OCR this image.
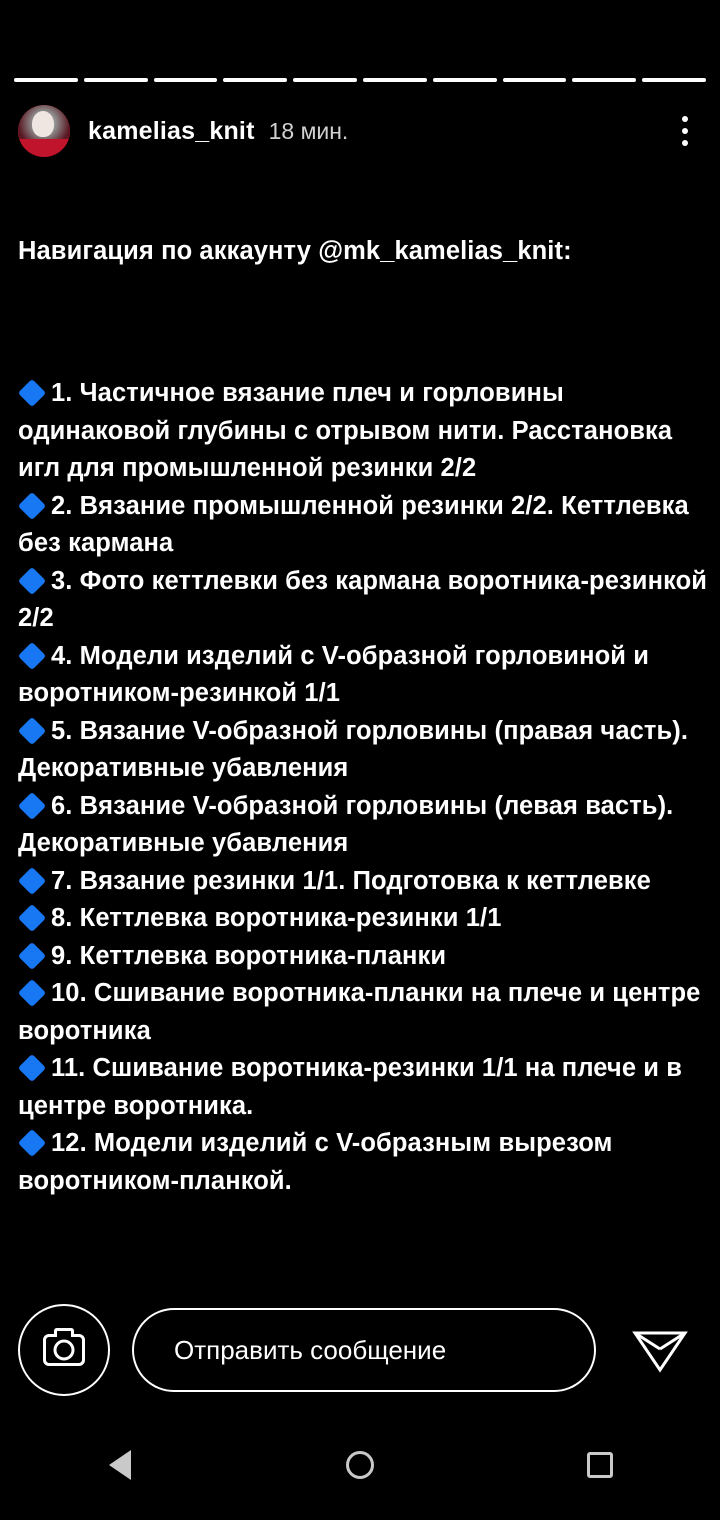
kamelias_knit 18 мин.

Навигация по аккаунту @mk_kamelias_knit:

1. Частичное вязание плеч и горловины одинаковой глубины с отрывом нити. Расстановка игл для промышленной резинки 2/2
2. Вязание промышленной резинки 2/2. Кеттлевка без кармана
3. Фото кеттлевки без кармана воротника-резинкой 2/2
4. Модели изделий с V-образной горловиной и воротником-резинкой 1/1
5. Вязание V-образной горловины (правая часть). Декоративные убавления
6. Вязание V-образной горловины (левая васть). Декоративные убавления
7. Вязание резинки 1/1. Подготовка к кеттлевке
8. Кеттлевка воротника-резинки 1/1
9. Кеттлевка воротника-планки
10. Сшивание воротника-планки на плече и центре воротника
11. Сшивание воротника-резинки 1/1 на плече и в центре воротника.
12. Модели изделий с V-образным вырезом воротником-планкой.

Отправить сообщение
